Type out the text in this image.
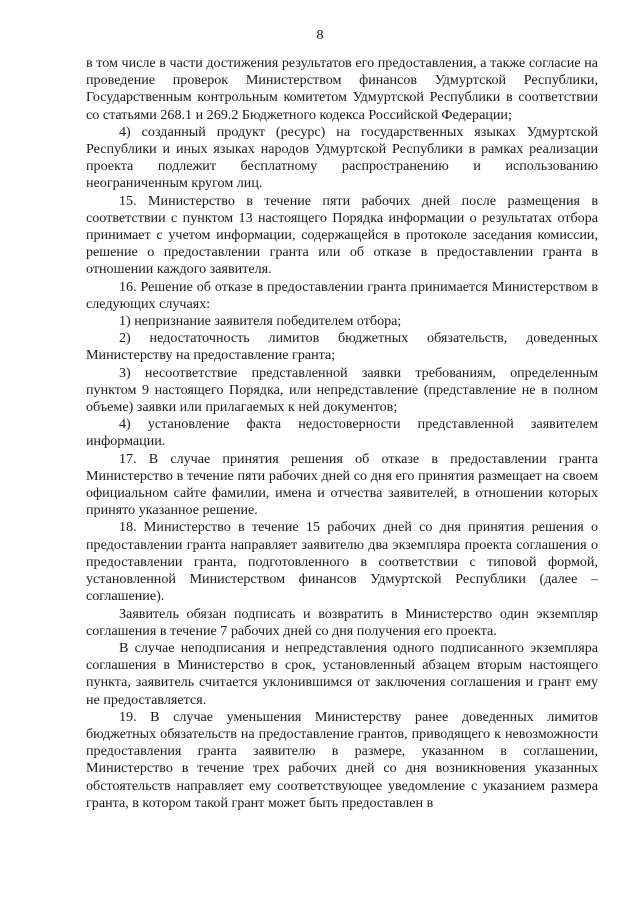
8

в том числе в части достижения результатов его предоставления, а также согласие на проведение проверок Министерством финансов Удмуртской Республики, Государственным контрольным комитетом Удмуртской Республики в соответствии со статьями 268.1 и 269.2 Бюджетного кодекса Российской Федерации;

4) созданный продукт (ресурс) на государственных языках Удмуртской Республики и иных языках народов Удмуртской Республики в рамках реализации проекта подлежит бесплатному распространению и использованию неограниченным кругом лиц.

15. Министерство в течение пяти рабочих дней после размещения в соответствии с пунктом 13 настоящего Порядка информации о результатах отбора принимает с учетом информации, содержащейся в протоколе заседания комиссии, решение о предоставлении гранта или об отказе в предоставлении гранта в отношении каждого заявителя.

16. Решение об отказе в предоставлении гранта принимается Министерством в следующих случаях:

1) непризнание заявителя победителем отбора;

2) недостаточность лимитов бюджетных обязательств, доведенных Министерству на предоставление гранта;

3) несоответствие представленной заявки требованиям, определенным пунктом 9 настоящего Порядка, или непредставление (представление не в полном объеме) заявки или прилагаемых к ней документов;

4) установление факта недостоверности представленной заявителем информации.

17. В случае принятия решения об отказе в предоставлении гранта Министерство в течение пяти рабочих дней со дня его принятия размещает на своем официальном сайте фамилии, имена и отчества заявителей, в отношении которых принято указанное решение.

18. Министерство в течение 15 рабочих дней со дня принятия решения о предоставлении гранта направляет заявителю два экземпляра проекта соглашения о предоставлении гранта, подготовленного в соответствии с типовой формой, установленной Министерством финансов Удмуртской Республики (далее – соглашение).

Заявитель обязан подписать и возвратить в Министерство один экземпляр соглашения в течение 7 рабочих дней со дня получения его проекта.

В случае неподписания и непредставления одного подписанного экземпляра соглашения в Министерство в срок, установленный абзацем вторым настоящего пункта, заявитель считается уклонившимся от заключения соглашения и грант ему не предоставляется.

19. В случае уменьшения Министерству ранее доведенных лимитов бюджетных обязательств на предоставление грантов, приводящего к невозможности предоставления гранта заявителю в размере, указанном в соглашении, Министерство в течение трех рабочих дней со дня возникновения указанных обстоятельств направляет ему соответствующее уведомление с указанием размера гранта, в котором такой грант может быть предоставлен в
